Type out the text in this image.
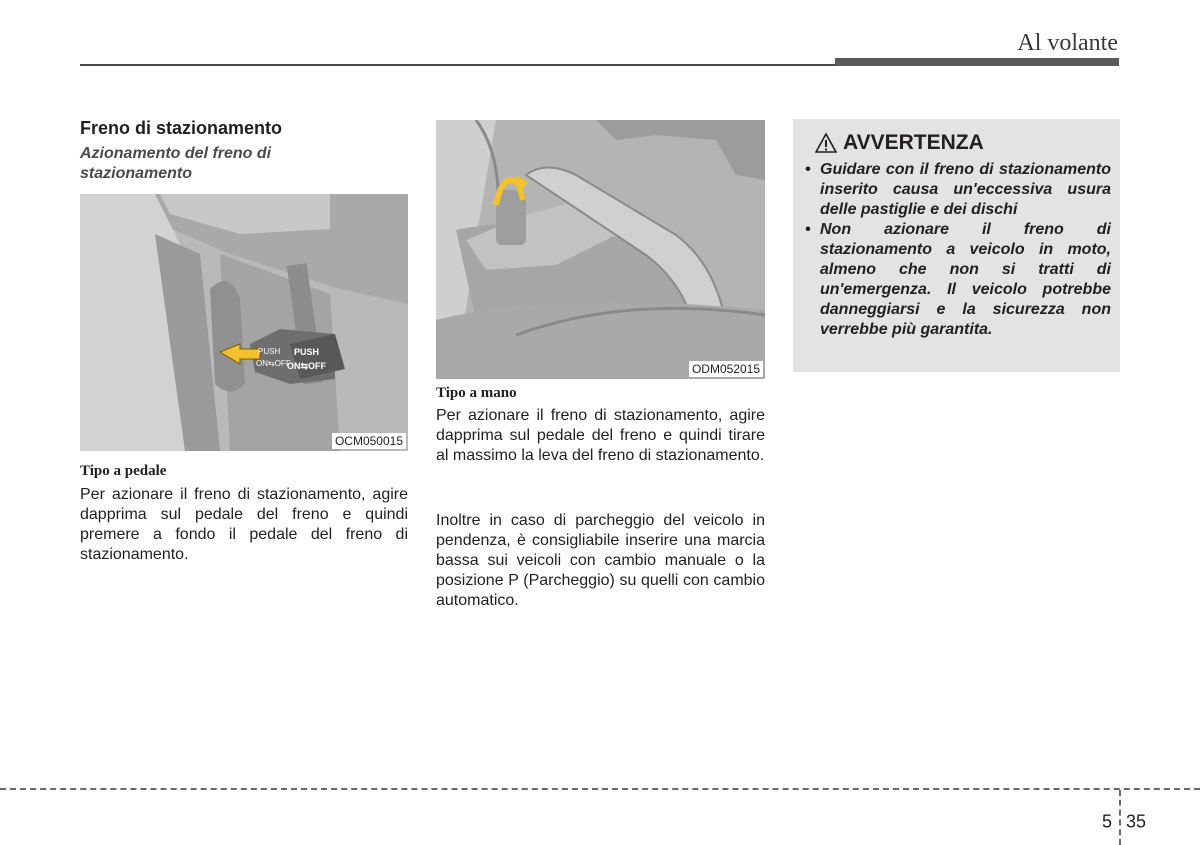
Al volante
Freno di stazionamento
Azionamento del freno di stazionamento
PUSH
ON⇆OFF
PUSH
ON⇆OFF
OCM050015
Tipo a pedale

Per azionare il freno di stazionamento, agire dapprima sul pedale del freno e quindi premere a fondo il pedale del freno di stazionamento.

ODM052015
Tipo a mano

Per azionare il freno di stazionamento, agire dapprima sul pedale del freno e quindi tirare al massimo la leva del freno di stazionamento.

Inoltre in caso di parcheggio del veicolo in pendenza, è consigliabile inserire una marcia bassa sui veicoli con cambio manuale o la posizione P (Parcheggio) su quelli con cambio automatico.

AVVERTENZA
• Guidare con il freno di stazionamento inserito causa un'eccessiva usura delle pastiglie e dei dischi
• Non azionare il freno di stazionamento a veicolo in moto, almeno che non si tratti di un'emergenza. Il veicolo potrebbe danneggiarsi e la sicurezza non verrebbe più garantita.
5 35
